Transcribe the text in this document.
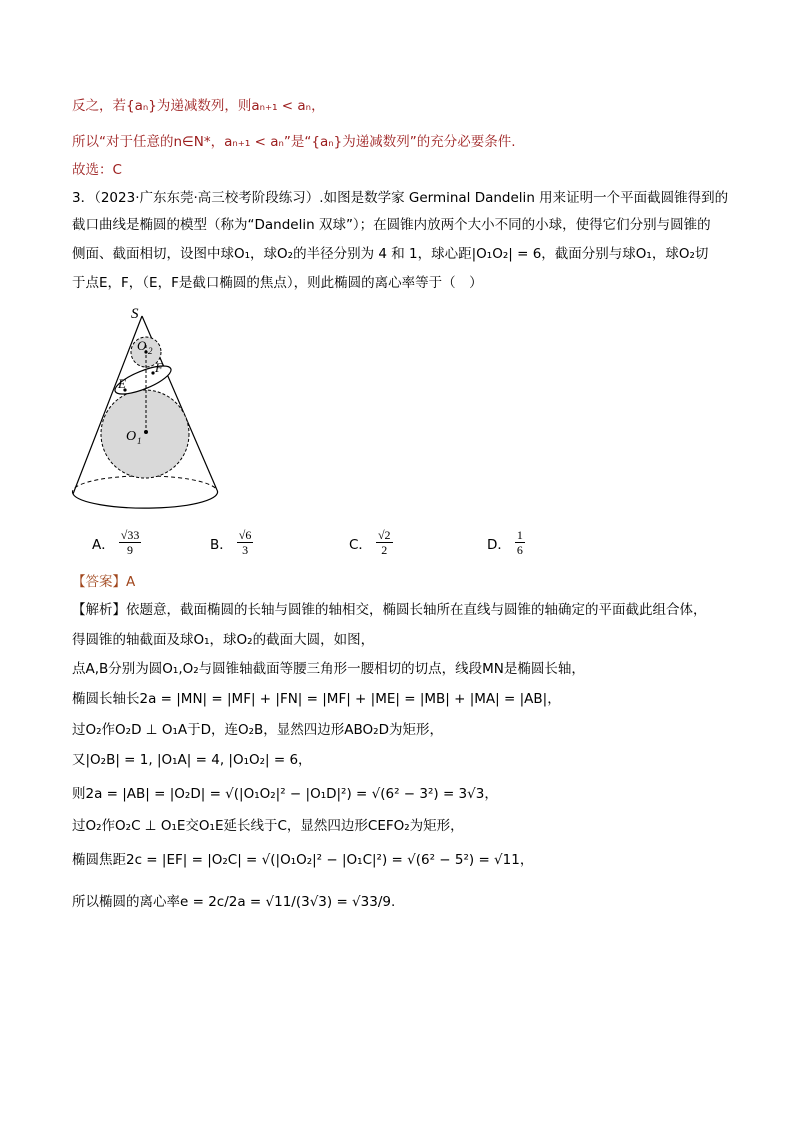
反之，若{aₙ}为递减数列，则aₙ₊₁ < aₙ，
所以“对于任意的n∈N*，aₙ₊₁ < aₙ”是“{aₙ}为递减数列”的充分必要条件.
故选：C
3．（2023·广东东莞·高三校考阶段练习）.如图是数学家 Germinal Dandelin 用来证明一个平面截圆锥得到的
截口曲线是椭圆的模型（称为“Dandelin 双球”）；在圆锥内放两个大小不同的小球，使得它们分别与圆锥的
侧面、截面相切，设图中球O₁，球O₂的半径分别为 4 和 1，球心距|O₁O₂| = 6，截面分别与球O₁，球O₂切
于点E，F，（E，F是截口椭圆的焦点），则此椭圆的离心率等于（　）
S
O 2
E
F
O 1
A． $\frac{√33}{9}$	B． $\frac{√6}{3}$	C． $\frac{√2}{2}$	D． $\frac{1}{6}$
【答案】A
【解析】依题意，截面椭圆的长轴与圆锥的轴相交，椭圆长轴所在直线与圆锥的轴确定的平面截此组合体，
得圆锥的轴截面及球O₁，球O₂的截面大圆，如图，
点A,B分别为圆O₁,O₂与圆锥轴截面等腰三角形一腰相切的切点，线段MN是椭圆长轴，
椭圆长轴长2a = |MN| = |MF| + |FN| = |MF| + |ME| = |MB| + |MA| = |AB|，
过O₂作O₂D ⊥ O₁A于D，连O₂B，显然四边形ABO₂D为矩形，
又|O₂B| = 1, |O₁A| = 4, |O₁O₂| = 6，
则2a = |AB| = |O₂D| = √(|O₁O₂|² − |O₁D|²) = √(6² − 3²) = 3√3，
过O₂作O₂C ⊥ O₁E交O₁E延长线于C，显然四边形CEFO₂为矩形，
椭圆焦距2c = |EF| = |O₂C| = √(|O₁O₂|² − |O₁C|²) = √(6² − 5²) = √11，
所以椭圆的离心率e = 2c/2a = √11/(3√3) = √33/9.
